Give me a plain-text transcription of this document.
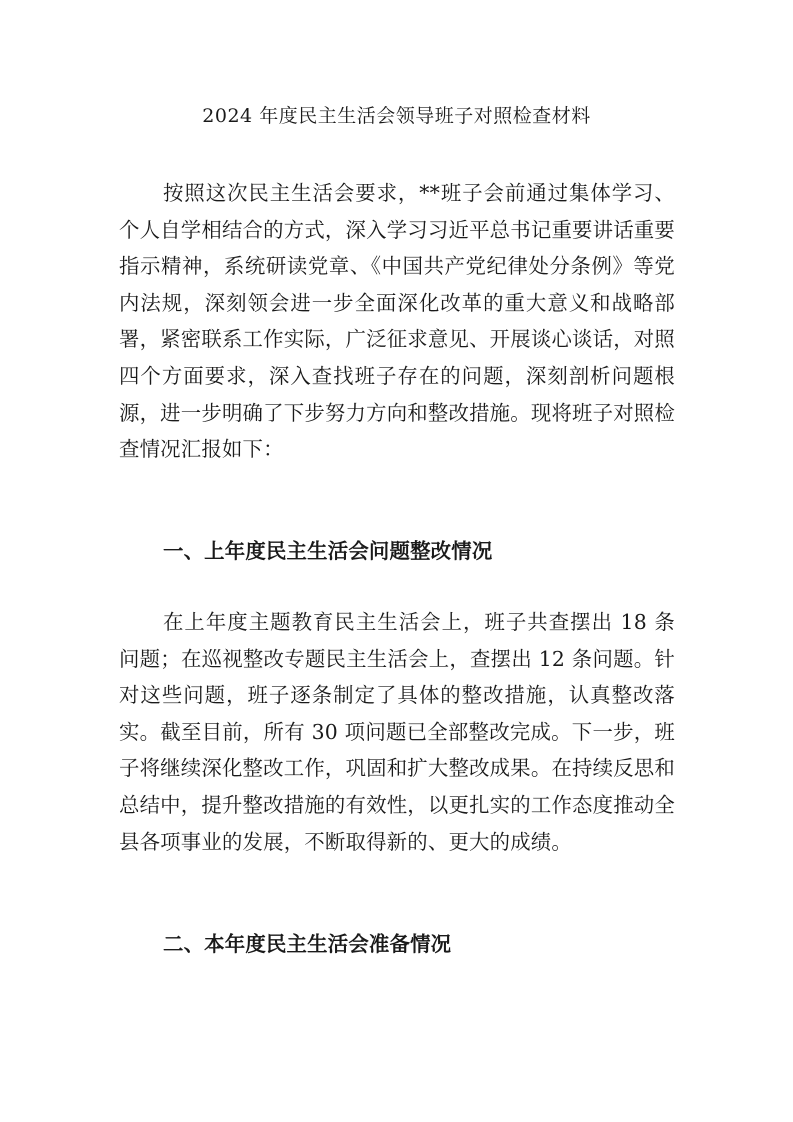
2024 年度民主生活会领导班子对照检查材料

按照这次民主生活会要求，**班子会前通过集体学习、个人自学相结合的方式，深入学习习近平总书记重要讲话重要指示精神，系统研读党章、《中国共产党纪律处分条例》等党内法规，深刻领会进一步全面深化改革的重大意义和战略部署，紧密联系工作实际，广泛征求意见、开展谈心谈话，对照四个方面要求，深入查找班子存在的问题，深刻剖析问题根源，进一步明确了下步努力方向和整改措施。现将班子对照检查情况汇报如下：

一、上年度民主生活会问题整改情况

在上年度主题教育民主生活会上，班子共查摆出 18 条问题；在巡视整改专题民主生活会上，查摆出 12 条问题。针对这些问题，班子逐条制定了具体的整改措施，认真整改落实。截至目前，所有 30 项问题已全部整改完成。下一步，班子将继续深化整改工作，巩固和扩大整改成果。在持续反思和总结中，提升整改措施的有效性，以更扎实的工作态度推动全县各项事业的发展，不断取得新的、更大的成绩。

二、本年度民主生活会准备情况
